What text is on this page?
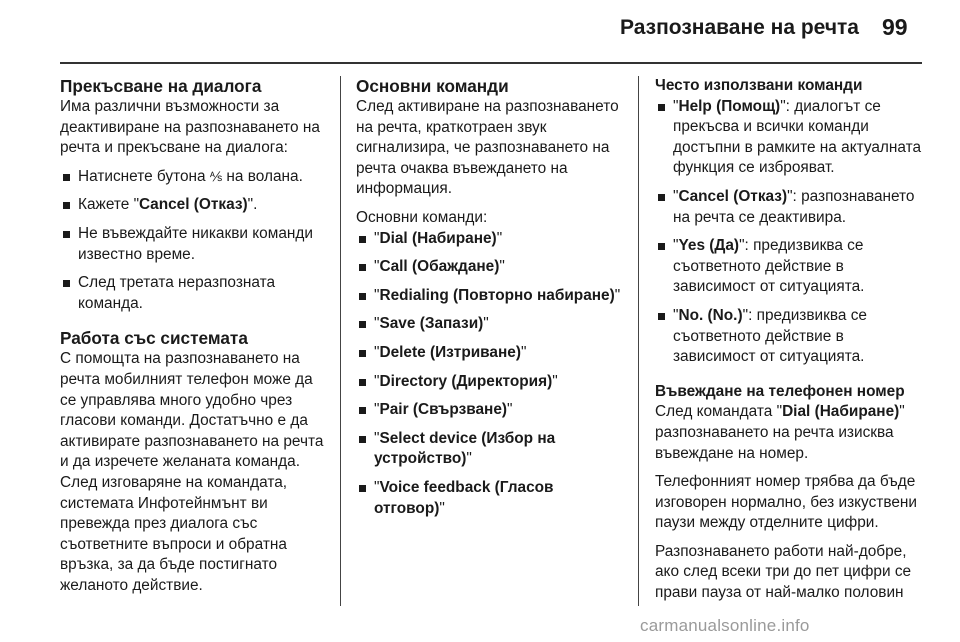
Разпознаване на речта 99
Прекъсване на диалога

Има различни възможности за деактивиране на разпознаването на речта и прекъсване на диалога:

Натиснете бутона ⅍ на волана.
Кажете "Cancel (Отказ)".
Не въвеждайте никакви команди известно време.
След третата неразпозната команда.
Работа със системата

С помощта на разпознаването на речта мобилният телефон може да се управлява много удобно чрез гласови команди. Достатъчно е да активирате разпознаването на речта и да изречете желаната команда. След изговаряне на командата, системата Инфотейнмънт ви превежда през диалога със съответните въпроси и обратна връзка, за да бъде постигнато желаното действие.

Основни команди

След активиране на разпознаването на речта, краткотраен звук сигнализира, че разпознаването на речта очаква въвеждането на информация.

Основни команди:

"Dial (Набиране)"
"Call (Обаждане)"
"Redialing (Повторно набиране)"
"Save (Запази)"
"Delete (Изтриване)"
"Directory (Директория)"
"Pair (Свързване)"
"Select device (Избор на устройство)"
"Voice feedback (Гласов отговор)"
Често използвани команди
"Help (Помощ)": диалогът се прекъсва и всички команди достъпни в рамките на актуалната функция се изброяват.
"Cancel (Отказ)": разпознаването на речта се деактивира.
"Yes (Да)": предизвиква се съответното действие в зависимост от ситуацията.
"No. (No.)": предизвиква се съответното действие в зависимост от ситуацията.
Въвеждане на телефонен номер

След командата "Dial (Набиране)" разпознаването на речта изисква въвеждане на номер.

Телефонният номер трябва да бъде изговорен нормално, без изкуствени паузи между отделните цифри.

Разпознаването работи най-добре, ако след всеки три до пет цифри се прави пауза от най-малко половин

carmanualsonline.info
